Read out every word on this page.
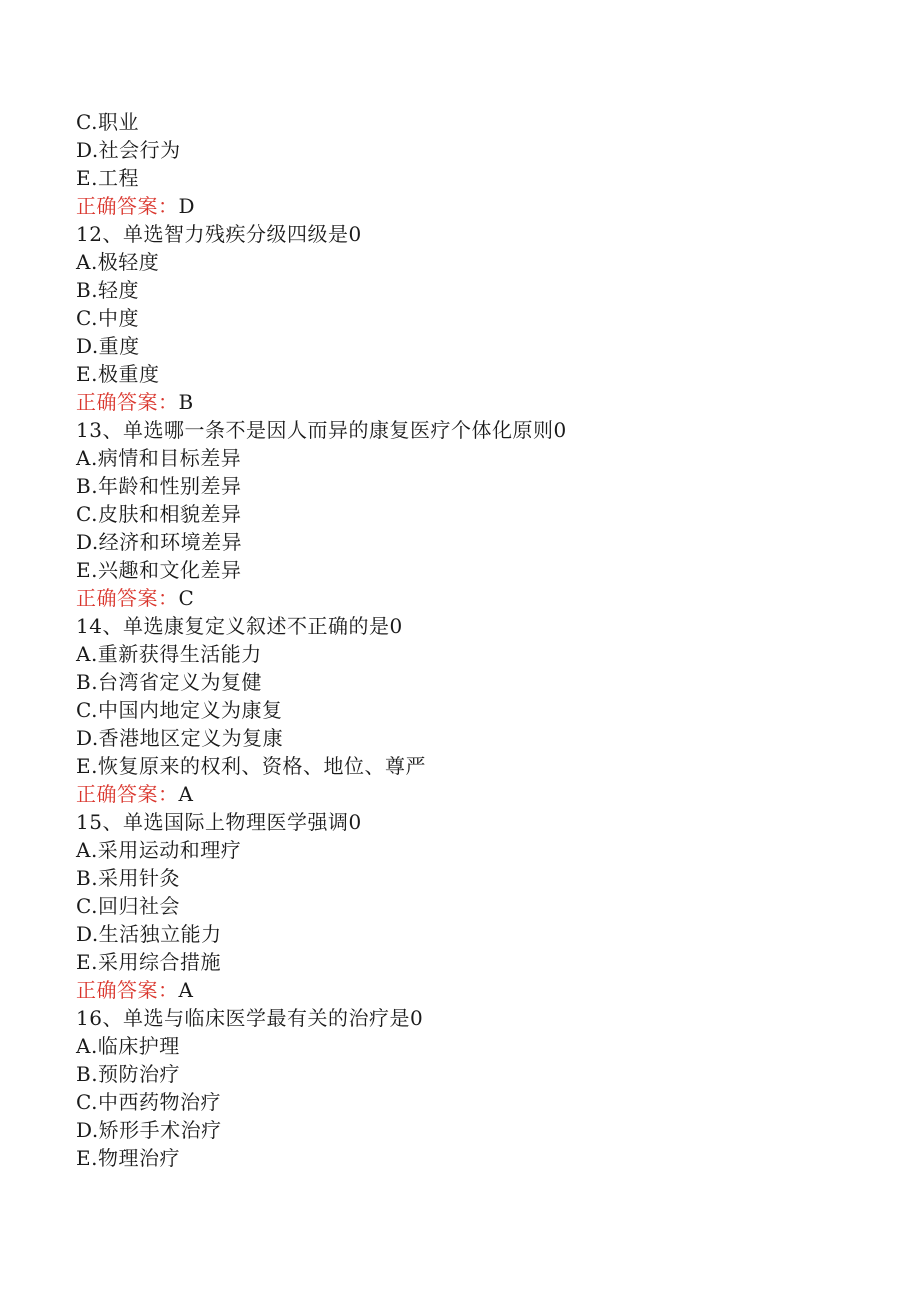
C.职业
D.社会行为
E.工程
正确答案：D
12、单选智力残疾分级四级是0
A.极轻度
B.轻度
C.中度
D.重度
E.极重度
正确答案：B
13、单选哪一条不是因人而异的康复医疗个体化原则0
A.病情和目标差异
B.年龄和性别差异
C.皮肤和相貌差异
D.经济和环境差异
E.兴趣和文化差异
正确答案：C
14、单选康复定义叙述不正确的是0
A.重新获得生活能力
B.台湾省定义为复健
C.中国内地定义为康复
D.香港地区定义为复康
E.恢复原来的权利、资格、地位、尊严
正确答案：A
15、单选国际上物理医学强调0
A.采用运动和理疗
B.采用针灸
C.回归社会
D.生活独立能力
E.采用综合措施
正确答案：A
16、单选与临床医学最有关的治疗是0
A.临床护理
B.预防治疗
C.中西药物治疗
D.矫形手术治疗
E.物理治疗
